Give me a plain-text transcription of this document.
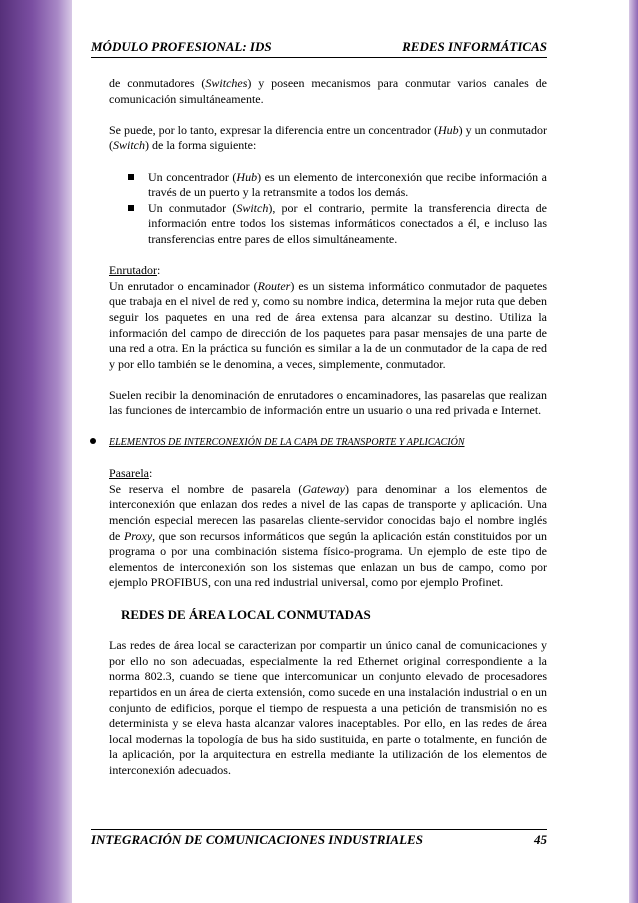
MÓDULO PROFESIONAL: IDS	REDES INFORMÁTICAS

de conmutadores (Switches) y poseen mecanismos para conmutar varios canales de comunicación simultáneamente.

Se puede, por lo tanto, expresar la diferencia entre un concentrador (Hub) y un conmutador (Switch) de la forma siguiente:

Un concentrador (Hub) es un elemento de interconexión que recibe información a través de un puerto y la retransmite a todos los demás.
Un conmutador (Switch), por el contrario, permite la transferencia directa de información entre todos los sistemas informáticos conectados a él, e incluso las transferencias entre pares de ellos simultáneamente.

Enrutador:
Un enrutador o encaminador (Router) es un sistema informático conmutador de paquetes que trabaja en el nivel de red y, como su nombre indica, determina la mejor ruta que deben seguir los paquetes en una red de área extensa para alcanzar su destino. Utiliza la información del campo de dirección de los paquetes para pasar mensajes de una parte de una red a otra. En la práctica su función es similar a la de un conmutador de la capa de red y por ello también se le denomina, a veces, simplemente, conmutador.

Suelen recibir la denominación de enrutadores o encaminadores, las pasarelas que realizan las funciones de intercambio de información entre un usuario o una red privada e Internet.

ELEMENTOS DE INTERCONEXIÓN DE LA CAPA DE TRANSPORTE Y APLICACIÓN

Pasarela:
Se reserva el nombre de pasarela (Gateway) para denominar a los elementos de interconexión que enlazan dos redes a nivel de las capas de transporte y aplicación. Una mención especial merecen las pasarelas cliente-servidor conocidas bajo el nombre inglés de Proxy, que son recursos informáticos que según la aplicación están constituidos por un programa o por una combinación sistema físico-programa. Un ejemplo de este tipo de elementos de interconexión son los sistemas que enlazan un bus de campo, como por ejemplo PROFIBUS, con una red industrial universal, como por ejemplo Profinet.

REDES DE ÁREA LOCAL CONMUTADAS

Las redes de área local se caracterizan por compartir un único canal de comunicaciones y por ello no son adecuadas, especialmente la red Ethernet original correspondiente a la norma 802.3, cuando se tiene que intercomunicar un conjunto elevado de procesadores repartidos en un área de cierta extensión, como sucede en una instalación industrial o en un conjunto de edificios, porque el tiempo de respuesta a una petición de transmisión no es determinista y se eleva hasta alcanzar valores inaceptables. Por ello, en las redes de área local modernas la topología de bus ha sido sustituida, en parte o totalmente, en función de la aplicación, por la arquitectura en estrella mediante la utilización de los elementos de interconexión adecuados.

INTEGRACIÓN DE COMUNICACIONES INDUSTRIALES	45
